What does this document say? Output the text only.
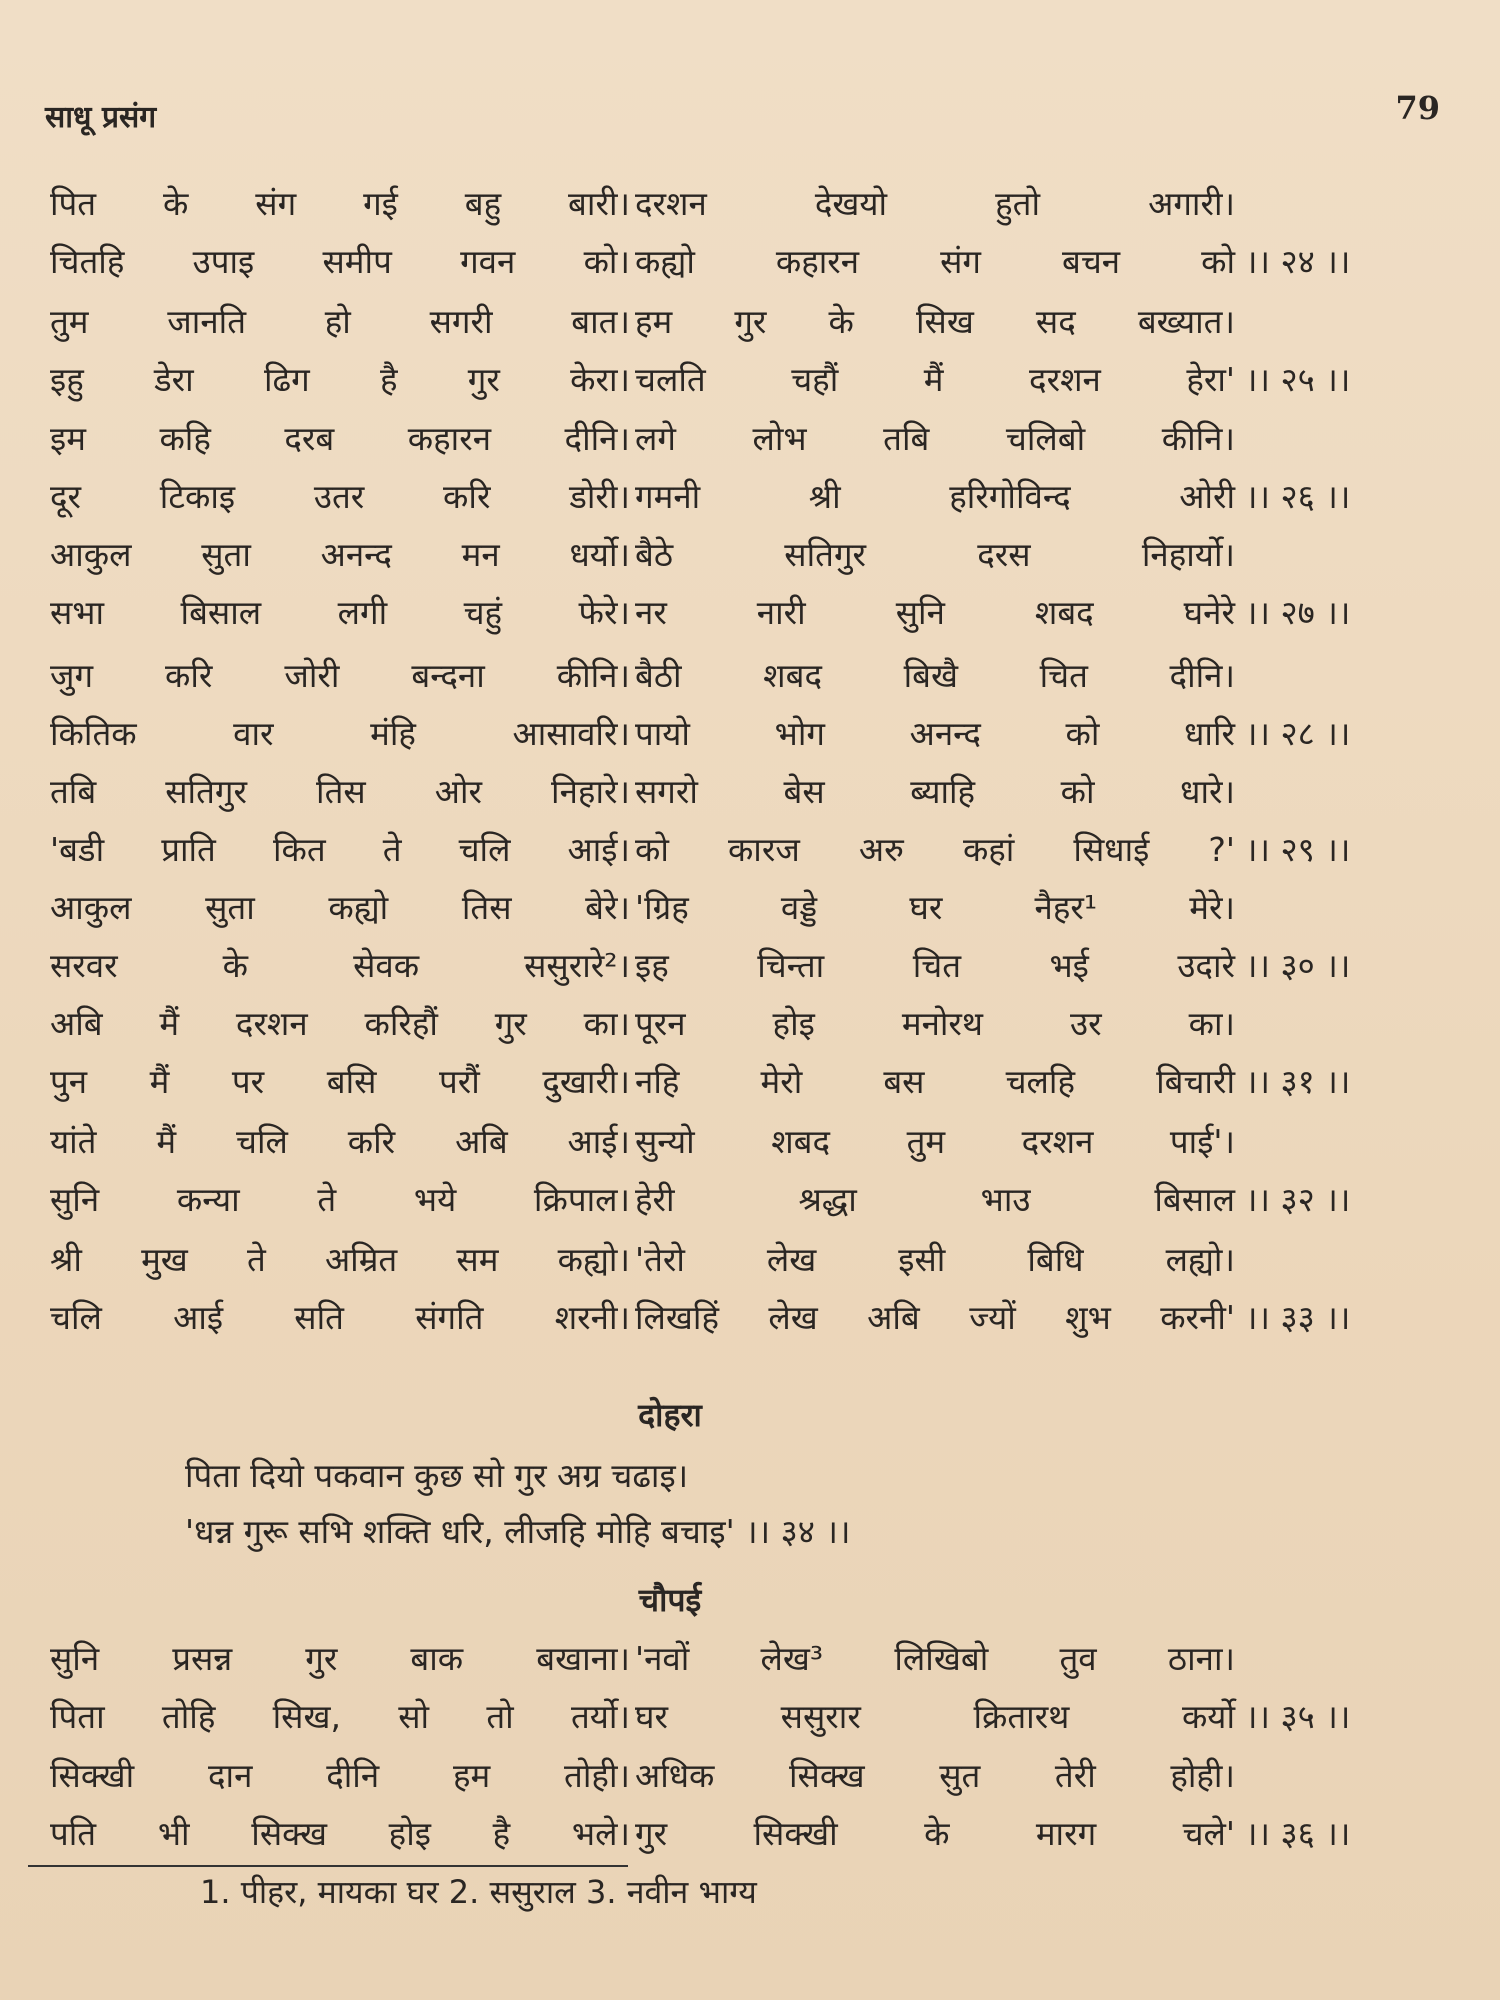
साधू प्रसंग	79
पित के संग गई बहु बारी। दरशन देखयो हुतो अगारी।
चितहि उपाइ समीप गवन को। कह्यो कहारन संग बचन को ।। २४ ।।
तुम जानति हो सगरी बात। हम गुर के सिख सद बख्यात।
इहु डेरा ढिग है गुर केरा। चलति चहौं मैं दरशन हेरा' ।। २५ ।।
इम कहि दरब कहारन दीनि। लगे लोभ तबि चलिबो कीनि।
दूर टिकाइ उतर करि डोरी। गमनी श्री हरिगोविन्द ओरी ।। २६ ।।
आकुल सुता अनन्द मन धर्यो। बैठे सतिगुर दरस निहार्यो।
सभा बिसाल लगी चहुं फेरे। नर नारी सुनि शबद घनेरे ।। २७ ।।
जुग करि जोरी बन्दना कीनि। बैठी शबद बिखै चित दीनि।
कितिक वार मंहि आसावरि। पायो भोग अनन्द को धारि ।। २८ ।।
तबि सतिगुर तिस ओर निहारे। सगरो बेस ब्याहि को धारे।
'बडी प्राति कित ते चलि आई। को कारज अरु कहां सिधाई ?' ।। २९ ।।
आकुल सुता कह्यो तिस बेरे। 'ग्रिह वड्डे घर नैहर¹ मेरे।
सरवर के सेवक ससुरारे²। इह चिन्ता चित भई उदारे ।। ३० ।।
अबि मैं दरशन करिहौं गुर का। पूरन होइ मनोरथ उर का।
पुन मैं पर बसि परौं दुखारी। नहि मेरो बस चलहि बिचारी ।। ३१ ।।
यांते मैं चलि करि अबि आई। सुन्यो शबद तुम दरशन पाई'।
सुनि कन्या ते भये क्रिपाल। हेरी श्रद्धा भाउ बिसाल ।। ३२ ।।
श्री मुख ते अम्रित सम कह्यो। 'तेरो लेख इसी बिधि लह्यो।
चलि आई सति संगति शरनी। लिखहिं लेख अबि ज्यों शुभ करनी' ।। ३३ ।।
दोहरा
पिता दियो पकवान कुछ सो गुर अग्र चढाइ।
'धन्न गुरू सभि शक्ति धरि, लीजहि मोहि बचाइ' ।। ३४ ।।
चौपई
सुनि प्रसन्न गुर बाक बखाना। 'नवों लेख³ लिखिबो तुव ठाना।
पिता तोहि सिख, सो तो तर्यो। घर ससुरार क्रितारथ कर्यो ।। ३५ ।।
सिक्खी दान दीनि हम तोही। अधिक सिक्ख सुत तेरी होही।
पति भी सिक्ख होइ है भले। गुर सिक्खी के मारग चले' ।। ३६ ।।
1. पीहर, मायका घर 2. ससुराल 3. नवीन भाग्य
